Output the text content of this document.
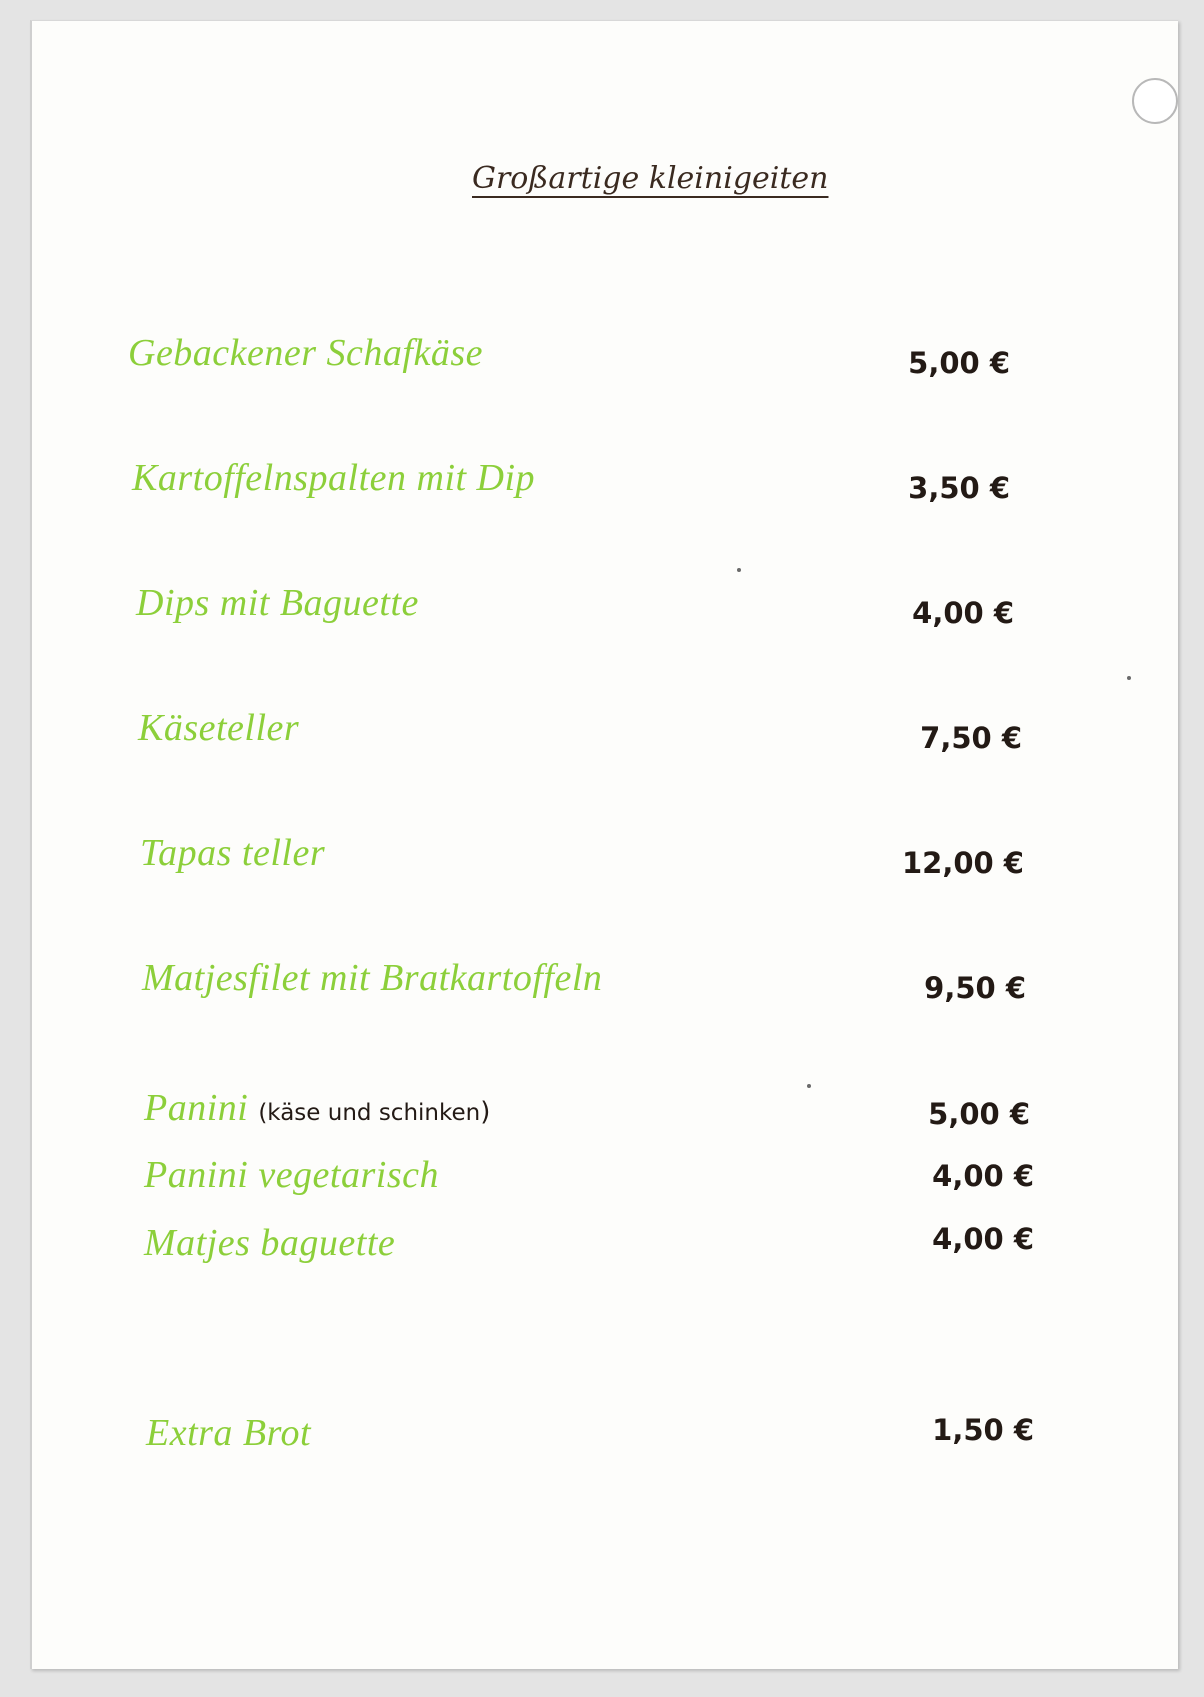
Großartige kleinigeiten
Gebackener Schafkäse	5,00 €
Kartoffelnspalten mit Dip	3,50 €
Dips mit Baguette	4,00 €
Käseteller	7,50 €
Tapas teller	12,00 €
Matjesfilet mit Bratkartoffeln	9,50 €
Panini (käse und schinken)	5,00 €
Panini vegetarisch	4,00 €
Matjes baguette	4,00 €
Extra Brot	1,50 €
